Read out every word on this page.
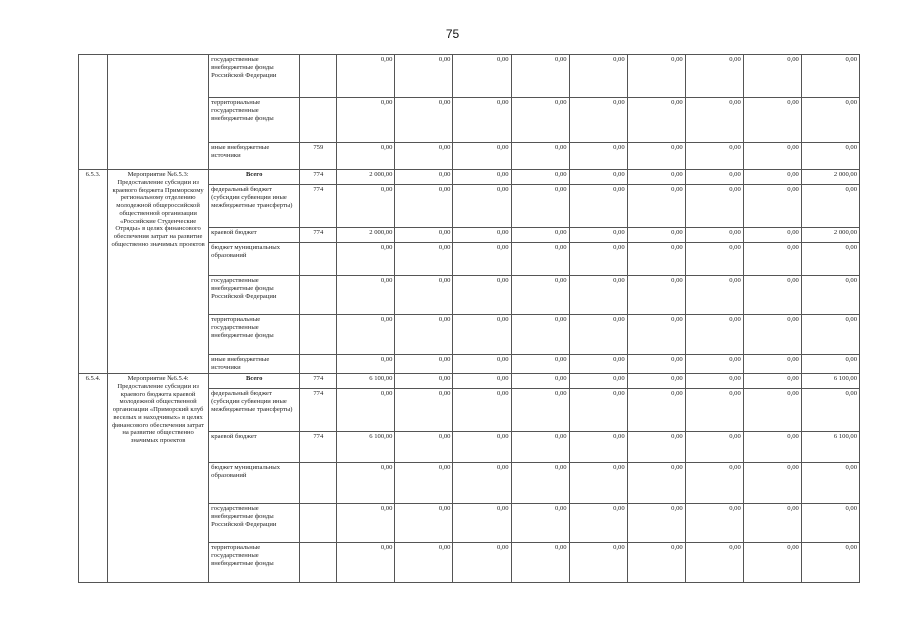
75
		государственные внебюджетные фонды Российской Федерации		0,00	0,00	0,00	0,00	0,00	0,00	0,00	0,00	0,00
		территориальные государственные внебюджетные фонды		0,00	0,00	0,00	0,00	0,00	0,00	0,00	0,00	0,00
		иные внебюджетные источники	759	0,00	0,00	0,00	0,00	0,00	0,00	0,00	0,00	0,00
6.5.3.	Мероприятие №6.5.3: Предоставление субсидии из краевого бюджета Приморскому региональному отделению молодежной общероссийской общественной организации «Российские Студенческие Отряды» в целях финансового обеспечения затрат на развитие общественно значимых проектов	Всего	774	2 000,00	0,00	0,00	0,00	0,00	0,00	0,00	0,00	2 000,00
		федеральный бюджет (субсидии субвенции иные межбюджетные трансферты)	774	0,00	0,00	0,00	0,00	0,00	0,00	0,00	0,00	0,00
		краевой бюджет	774	2 000,00	0,00	0,00	0,00	0,00	0,00	0,00	0,00	2 000,00
		бюджет муниципальных образований		0,00	0,00	0,00	0,00	0,00	0,00	0,00	0,00	0,00
		государственные внебюджетные фонды Российской Федерации		0,00	0,00	0,00	0,00	0,00	0,00	0,00	0,00	0,00
		территориальные государственные внебюджетные фонды		0,00	0,00	0,00	0,00	0,00	0,00	0,00	0,00	0,00
		иные внебюджетные источники		0,00	0,00	0,00	0,00	0,00	0,00	0,00	0,00	0,00
6.5.4.	Мероприятие №6.5.4: Предоставление субсидии из краевого бюджета краевой молодежной общественной организации «Приморский клуб веселых и находчивых» в целях финансового обеспечения затрат на развитие общественно значимых проектов	Всего	774	6 100,00	0,00	0,00	0,00	0,00	0,00	0,00	0,00	6 100,00
		федеральный бюджет (субсидии субвенции иные межбюджетные трансферты)	774	0,00	0,00	0,00	0,00	0,00	0,00	0,00	0,00	0,00
		краевой бюджет	774	6 100,00	0,00	0,00	0,00	0,00	0,00	0,00	0,00	6 100,00
		бюджет муниципальных образований		0,00	0,00	0,00	0,00	0,00	0,00	0,00	0,00	0,00
		государственные внебюджетные фонды Российской Федерации		0,00	0,00	0,00	0,00	0,00	0,00	0,00	0,00	0,00
		территориальные государственные внебюджетные фонды		0,00	0,00	0,00	0,00	0,00	0,00	0,00	0,00	0,00
